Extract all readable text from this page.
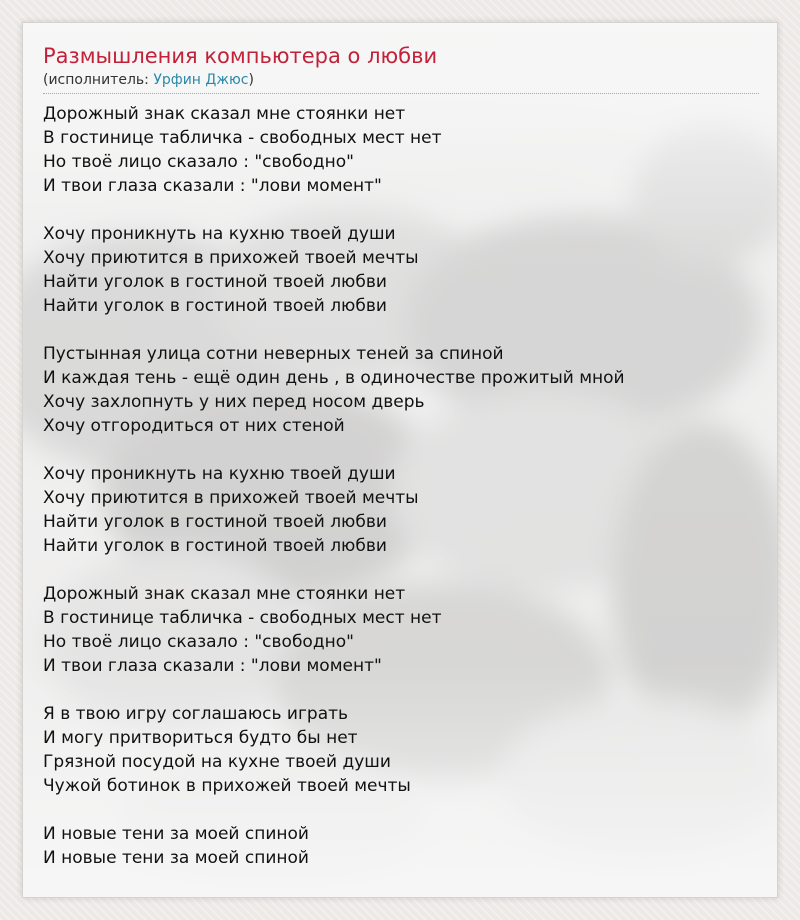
Размышления компьютера о любви
(исполнитель: Урфин Джюс)
Дорожный знак сказал мне стоянки нет
В гостинице табличка - свободных мест нет
Но твоё лицо сказало : "свободно"
И твои глаза сказали : "лови момент"
Хочу проникнуть на кухню твоей души
Хочу приютится в прихожей твоей мечты
Найти уголок в гостиной твоей любви
Найти уголок в гостиной твоей любви
Пустынная улица сотни неверных теней за спиной
И каждая тень - ещё один день , в одиночестве прожитый мной
Хочу захлопнуть у них перед носом дверь
Хочу отгородиться от них стеной
Хочу проникнуть на кухню твоей души
Хочу приютится в прихожей твоей мечты
Найти уголок в гостиной твоей любви
Найти уголок в гостиной твоей любви
Дорожный знак сказал мне стоянки нет
В гостинице табличка - свободных мест нет
Но твоё лицо сказало : "свободно"
И твои глаза сказали : "лови момент"
Я в твою игру соглашаюсь играть
И могу притвориться будто бы нет
Грязной посудой на кухне твоей души
Чужой ботинок в прихожей твоей мечты
И новые тени за моей спиной
И новые тени за моей спиной
